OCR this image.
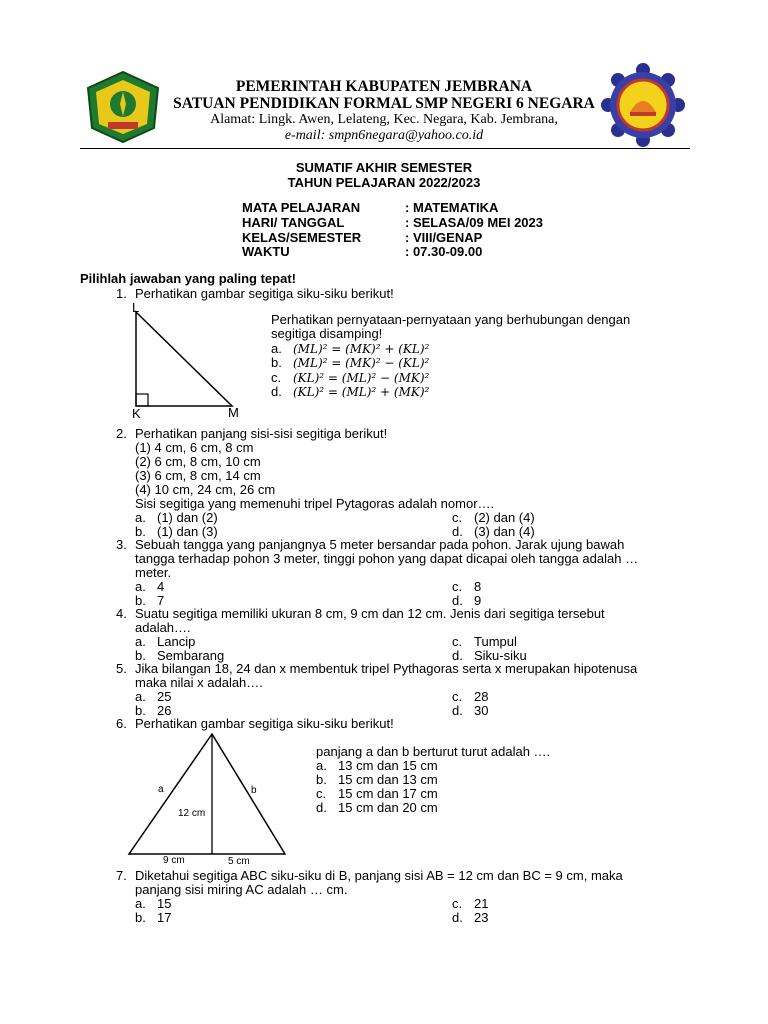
PEMERINTAH KABUPATEN JEMBRANA
SATUAN PENDIDIKAN FORMAL SMP NEGERI 6 NEGARA
Alamat: Lingk. Awen, Lelateng, Kec. Negara, Kab. Jembrana,
e-mail: smpn6negara@yahoo.co.id
SUMATIF AKHIR SEMESTER
TAHUN PELAJARAN 2022/2023
MATA PELAJARAN	: MATEMATIKA
HARI/ TANGGAL	: SELASA/09 MEI 2023
KELAS/SEMESTER	: VIII/GENAP
WAKTU	: 07.30-09.00
Pilihlah jawaban yang paling tepat!
1. Perhatikan gambar segitiga siku-siku berikut!
L
K	M
Perhatikan pernyataan-pernyataan yang berhubungan dengan
segitiga disamping!
a. (ML)² = (MK)² + (KL)²
b. (ML)² = (MK)² − (KL)²
c. (KL)² = (ML)² − (MK)²
d. (KL)² = (ML)² + (MK)²
2. Perhatikan panjang sisi-sisi segitiga berikut!
(1) 4 cm, 6 cm, 8 cm
(2) 6 cm, 8 cm, 10 cm
(3) 6 cm, 8 cm, 14 cm
(4) 10 cm, 24 cm, 26 cm
Sisi segitiga yang memenuhi tripel Pytagoras adalah nomor….
a. (1) dan (2)	c. (2) dan (4)
b. (1) dan (3)	d. (3) dan (4)
3. Sebuah tangga yang panjangnya 5 meter bersandar pada pohon. Jarak ujung bawah
tangga terhadap pohon 3 meter, tinggi pohon yang dapat dicapai oleh tangga adalah …
meter.
a. 4	c. 8
b. 7	d. 9
4. Suatu segitiga memiliki ukuran 8 cm, 9 cm dan 12 cm. Jenis dari segitiga tersebut
adalah….
a. Lancip	c. Tumpul
b. Sembarang	d. Siku-siku
5. Jika bilangan 18, 24 dan x membentuk tripel Pythagoras serta x merupakan hipotenusa
maka nilai x adalah….
a. 25	c. 28
b. 26	d. 30
6. Perhatikan gambar segitiga siku-siku berikut!
a	b
12 cm
9 cm	5 cm
panjang a dan b berturut turut adalah ….
a. 13 cm dan 15 cm
b. 15 cm dan 13 cm
c. 15 cm dan 17 cm
d. 15 cm dan 20 cm
7. Diketahui segitiga ABC siku-siku di B, panjang sisi AB = 12 cm dan BC = 9 cm, maka
panjang sisi miring AC adalah … cm.
a. 15	c. 21
b. 17	d. 23
